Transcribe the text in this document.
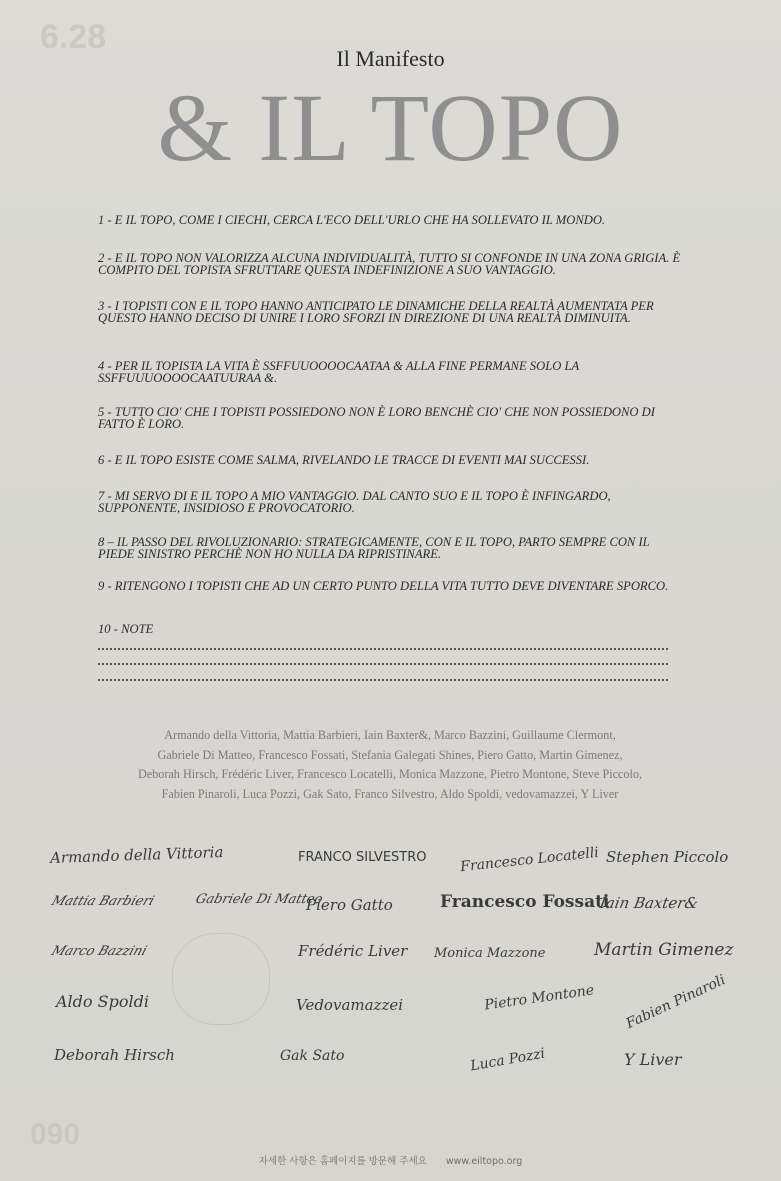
6.28
090
Il Manifesto
& IL TOPO

1 - E IL TOPO, COME I CIECHI, CERCA L'ECO DELL'URLO CHE HA SOLLEVATO IL MONDO.

2 - E IL TOPO NON VALORIZZA ALCUNA INDIVIDUALITÀ, TUTTO SI CONFONDE IN UNA ZONA GRIGIA. È COMPITO DEL TOPISTA SFRUTTARE QUESTA INDEFINIZIONE A SUO VANTAGGIO.

3 - I TOPISTI CON E IL TOPO HANNO ANTICIPATO LE DINAMICHE DELLA REALTÀ AUMENTATA PER QUESTO HANNO DECISO DI UNIRE I LORO SFORZI IN DIREZIONE DI UNA REALTÀ DIMINUITA.

4 - PER IL TOPISTA LA VITA È SSFFUUOOOOCAATAA & ALLA FINE PERMANE SOLO LA SSFFUUUOOOOCAATUURAA &.

5 - TUTTO CIO' CHE I TOPISTI POSSIEDONO NON È LORO BENCHÈ CIO' CHE NON POSSIEDONO DI FATTO È LORO.

6 - E IL TOPO ESISTE COME SALMA, RIVELANDO LE TRACCE DI EVENTI MAI SUCCESSI.

7 - MI SERVO DI E IL TOPO A MIO VANTAGGIO. DAL CANTO SUO E IL TOPO È INFINGARDO, SUPPONENTE, INSIDIOSO E PROVOCATORIO.

8 – IL PASSO DEL RIVOLUZIONARIO: STRATEGICAMENTE, CON E IL TOPO, PARTO SEMPRE CON IL PIEDE SINISTRO PERCHÈ NON HO NULLA DA RIPRISTINARE.

9 - RITENGONO I TOPISTI CHE AD UN CERTO PUNTO DELLA VITA TUTTO DEVE DIVENTARE SPORCO.

10 - NOTE
Armando della Vittoria, Mattia Barbieri, Iain Baxter&, Marco Bazzini, Guillaume Clermont,
Gabriele Di Matteo, Francesco Fossati, Stefania Galegati Shines, Piero Gatto, Martin Gimenez,
Deborah Hirsch, Frédéric Liver, Francesco Locatelli, Monica Mazzone, Pietro Montone, Steve Piccolo,
Fabien Pinaroli, Luca Pozzi, Gak Sato, Franco Silvestro, Aldo Spoldi, vedovamazzei, Y Liver
Armando della Vittoria	FRANCO SILVESTRO Francesco Locatelli Stephen Piccolo
Mattia Barbieri	Gabriele Di Matteo
Piero Gatto	Francesco Fossati
Iain Baxter&
Marco Bazzini	Frédéric Liver Monica Mazzone	Martin Gimenez
Aldo Spoldi	Vedovamazzei	Pietro Montone Fabien Pinaroli
Deborah Hirsch	Gak Sato	Luca Pozzi	Y Liver
자세한 사항은 홈페이지를 방문해 주세요 www.eiltopo.org
